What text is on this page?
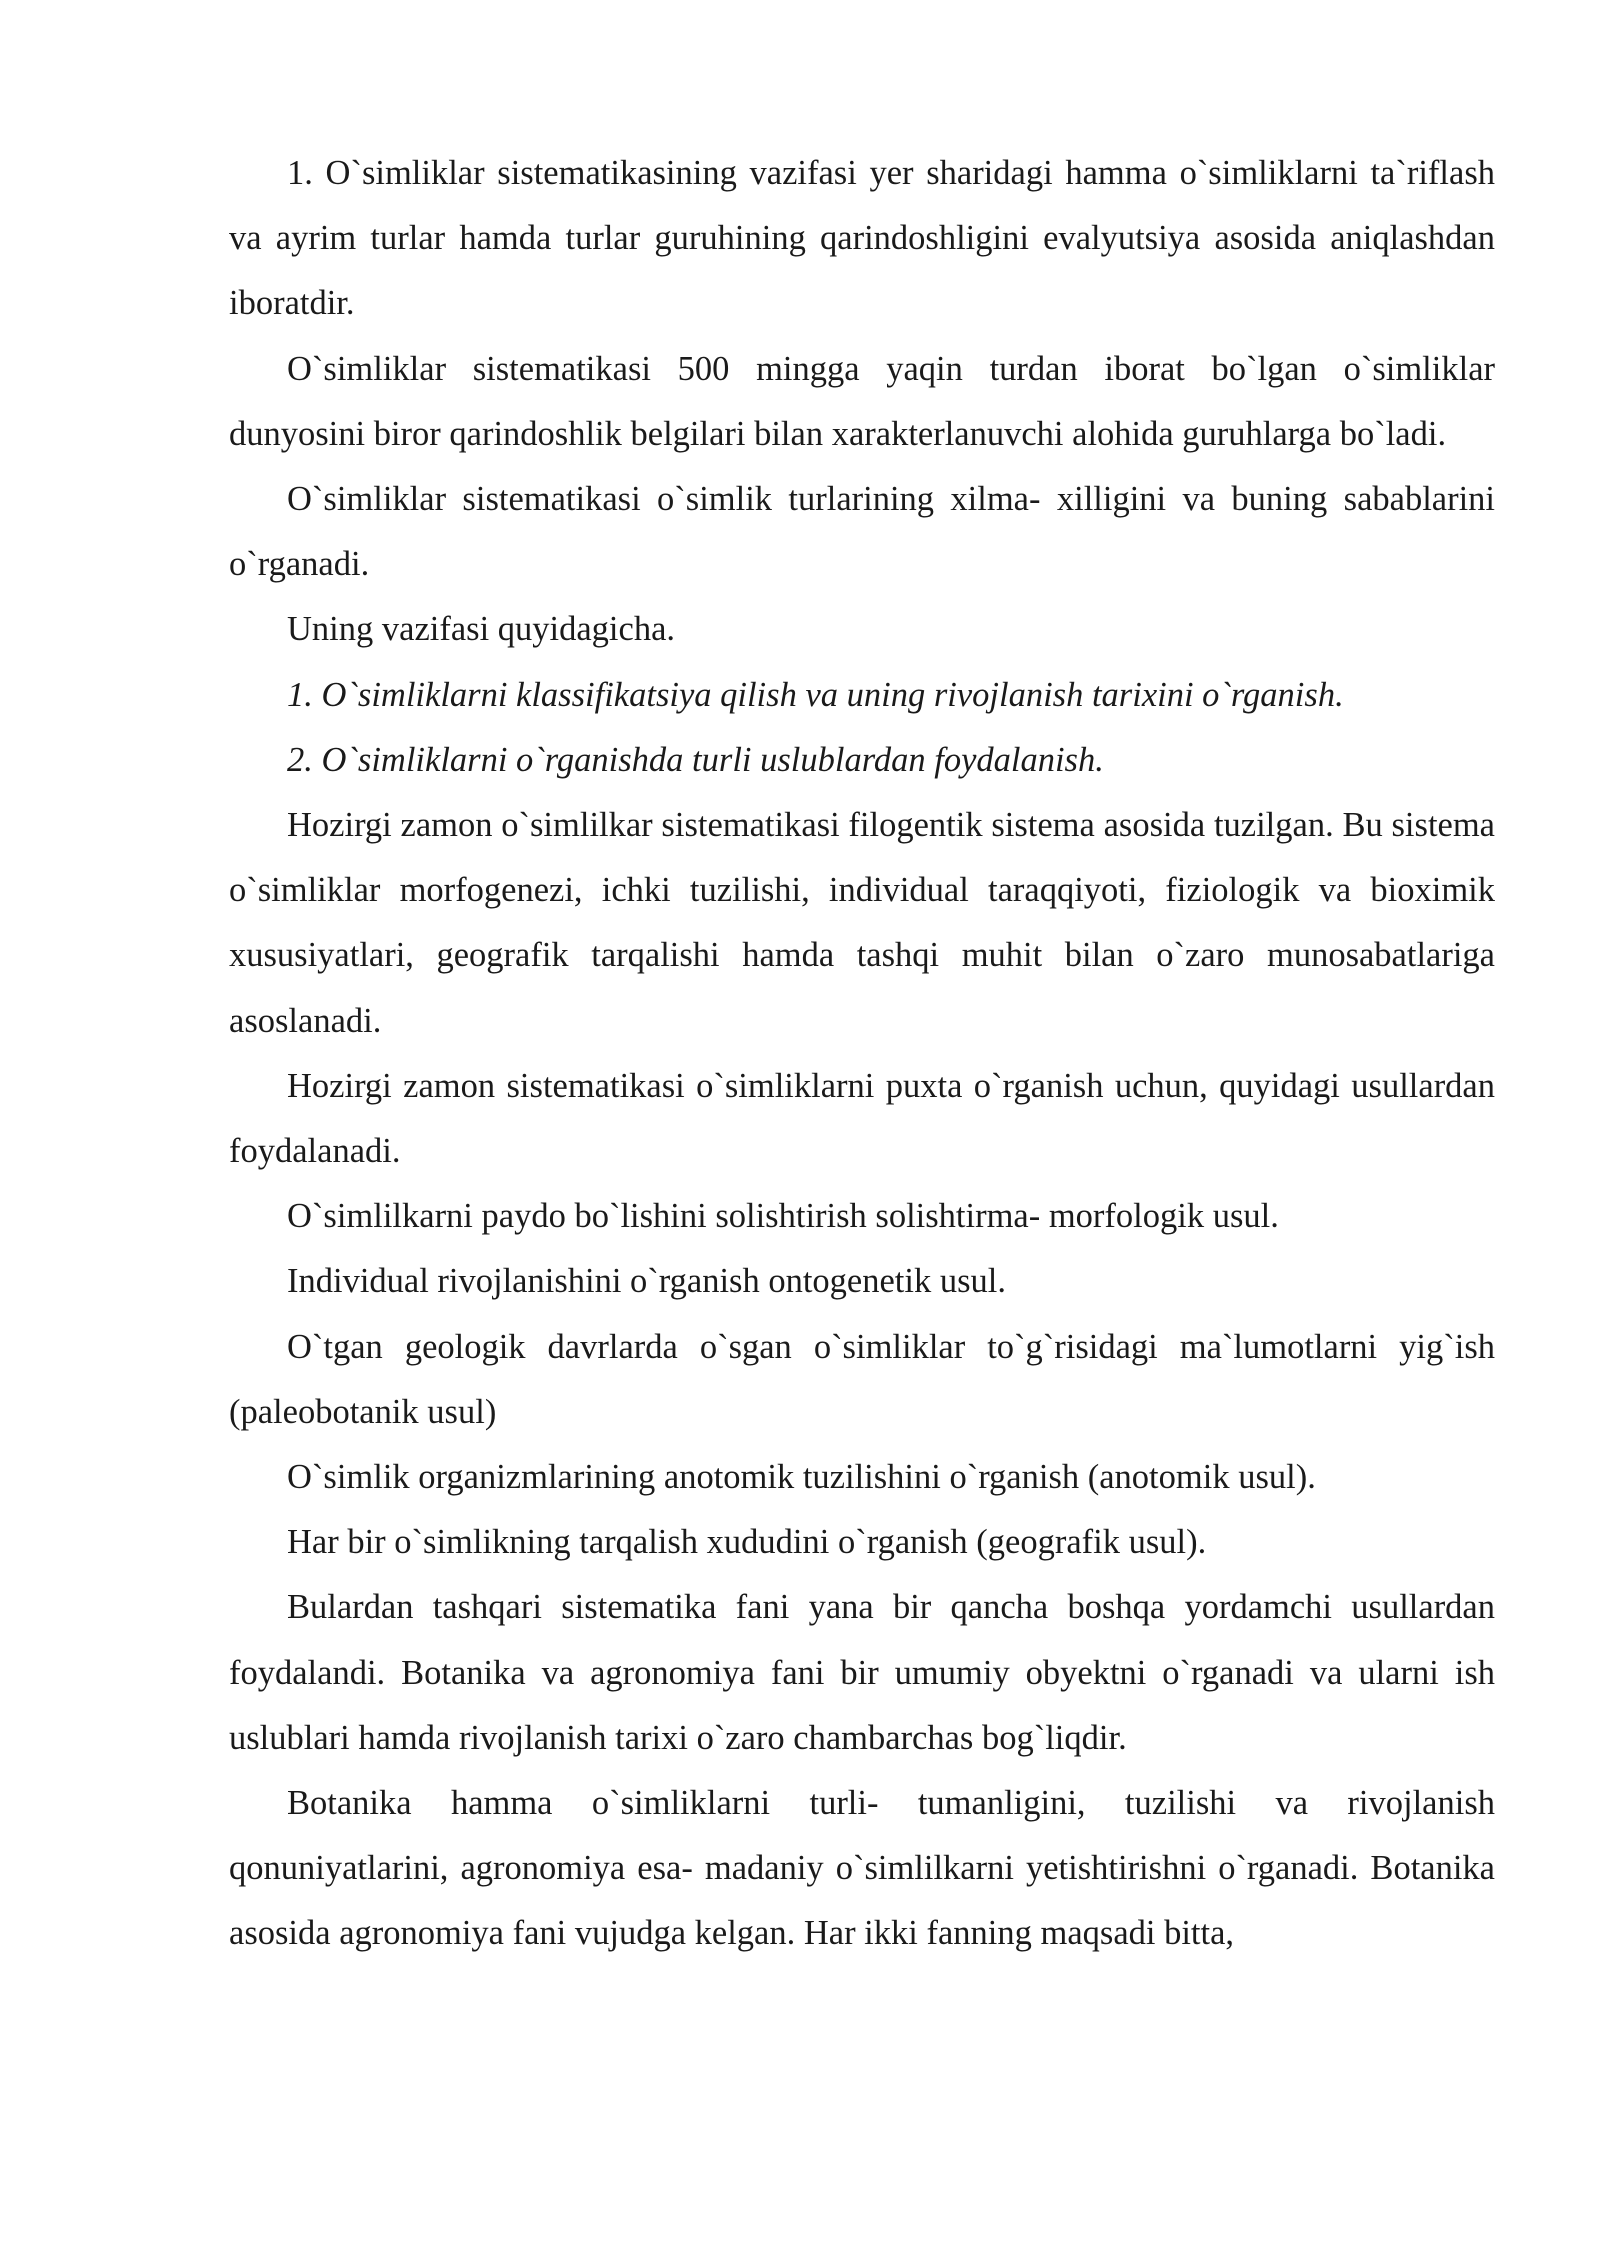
1. O`simliklar sistematikasining vazifasi yer sharidagi hamma o`simliklarni ta`riflash va ayrim turlar hamda turlar guruhining qarindoshligini evalyutsiya asosida aniqlashdan iboratdir.

O`simliklar sistematikasi 500 mingga yaqin turdan iborat bo`lgan o`simliklar dunyosini biror qarindoshlik belgilari bilan xarakterlanuvchi alohida guruhlarga bo`ladi.

O`simliklar sistematikasi o`simlik turlarining xilma- xilligini va buning sabablarini o`rganadi.

Uning vazifasi quyidagicha.

1. O`simliklarni klassifikatsiya qilish va uning rivojlanish tarixini o`rganish.

2. O`simliklarni o`rganishda turli uslublardan foydalanish.

Hozirgi zamon o`simlilkar sistematikasi filogentik sistema asosida tuzilgan. Bu sistema o`simliklar morfogenezi, ichki tuzilishi, individual taraqqiyoti, fiziologik va bioximik xususiyatlari, geografik tarqalishi hamda tashqi muhit bilan o`zaro munosabatlariga asoslanadi.

Hozirgi zamon sistematikasi o`simliklarni puxta o`rganish uchun, quyidagi usullardan foydalanadi.

O`simlilkarni paydo bo`lishini solishtirish solishtirma- morfologik usul.

Individual rivojlanishini o`rganish ontogenetik usul.

O`tgan geologik davrlarda o`sgan o`simliklar to`g`risidagi ma`lumotlarni yig`ish (paleobotanik usul)

O`simlik organizmlarining anotomik tuzilishini o`rganish (anotomik usul).

Har bir o`simlikning tarqalish xududini o`rganish (geografik usul).

Bulardan tashqari sistematika fani yana bir qancha boshqa yordamchi usullardan foydalandi. Botanika va agronomiya fani bir umumiy obyektni o`rganadi va ularni ish uslublari hamda rivojlanish tarixi o`zaro chambarchas bog`liqdir.

Botanika hamma o`simliklarni turli- tumanligini, tuzilishi va rivojlanish qonuniyatlarini, agronomiya esa- madaniy o`simlilkarni yetishtirishni o`rganadi. Botanika asosida agronomiya fani vujudga kelgan. Har ikki fanning maqsadi bitta,
